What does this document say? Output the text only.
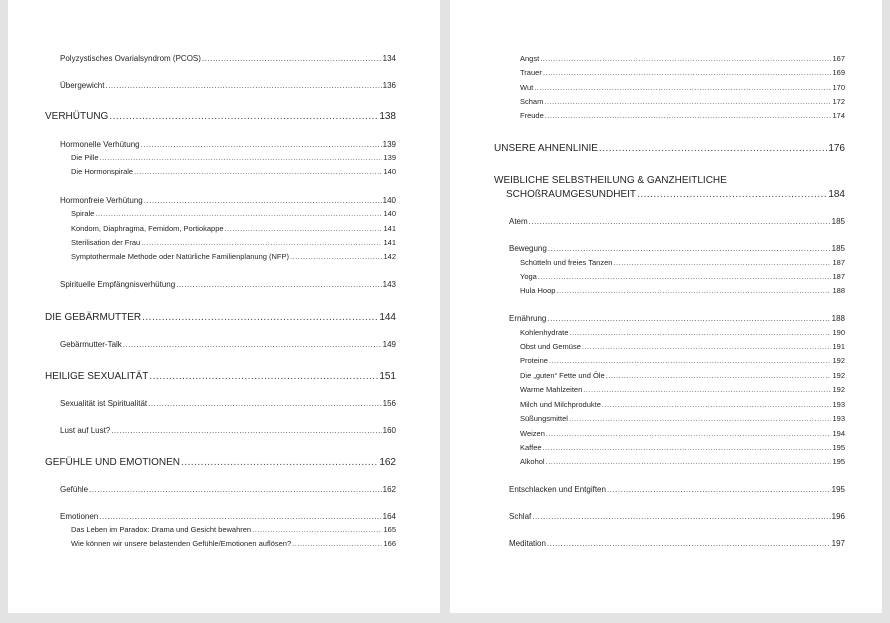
Polyzystisches Ovarialsyndrom (PCOS) .....	134
Übergewicht .....	136
VERHÜTUNG .....	138
Hormonelle Verhütung .....	139
Die Pille .....	139
Die Hormonspirale .....	140
Hormonfreie Verhütung .....	140
Spirale .....	140
Kondom, Diaphragma, Femidom, Portiokappe .....	141
Sterilisation der Frau .....	141
Symptothermale Methode oder Natürliche Familienplanung (NFP) .....	142
Spirituelle Empfängnisverhütung .....	143
DIE GEBÄRMUTTER .....	144
Gebärmutter-Talk .....	149
HEILIGE SEXUALITÄT .....	151
Sexualität ist Spiritualität .....	156
Lust auf Lust? .....	160
GEFÜHLE UND EMOTIONEN .....	162
Gefühle .....	162
Emotionen .....	164
Das Leben im Paradox: Drama und Gesicht bewahren .....	165
Wie können wir unsere belastenden Gefühle/Emotionen auflösen? .....	166
Angst .....	167
Trauer .....	169
Wut .....	170
Scham .....	172
Freude .....	174
UNSERE AHNENLINIE .....	176
WEIBLICHE SELBSTHEILUNG & GANZHEITLICHE
SCHOßRAUMGESUNDHEIT .....	184
Atem .....	185
Bewegung .....	185
Schütteln und freies Tanzen .....	187
Yoga .....	187
Hula Hoop .....	188
Ernährung .....	188
Kohlenhydrate .....	190
Obst und Gemüse .....	191
Proteine .....	192
Die „guten“ Fette und Öle .....	192
Warme Mahlzeiten .....	192
Milch und Milchprodukte .....	193
Süßungsmittel .....	193
Weizen .....	194
Kaffee .....	195
Alkohol .....	195
Entschlacken und Entgiften .....	195
Schlaf .....	196
Meditation .....	197
